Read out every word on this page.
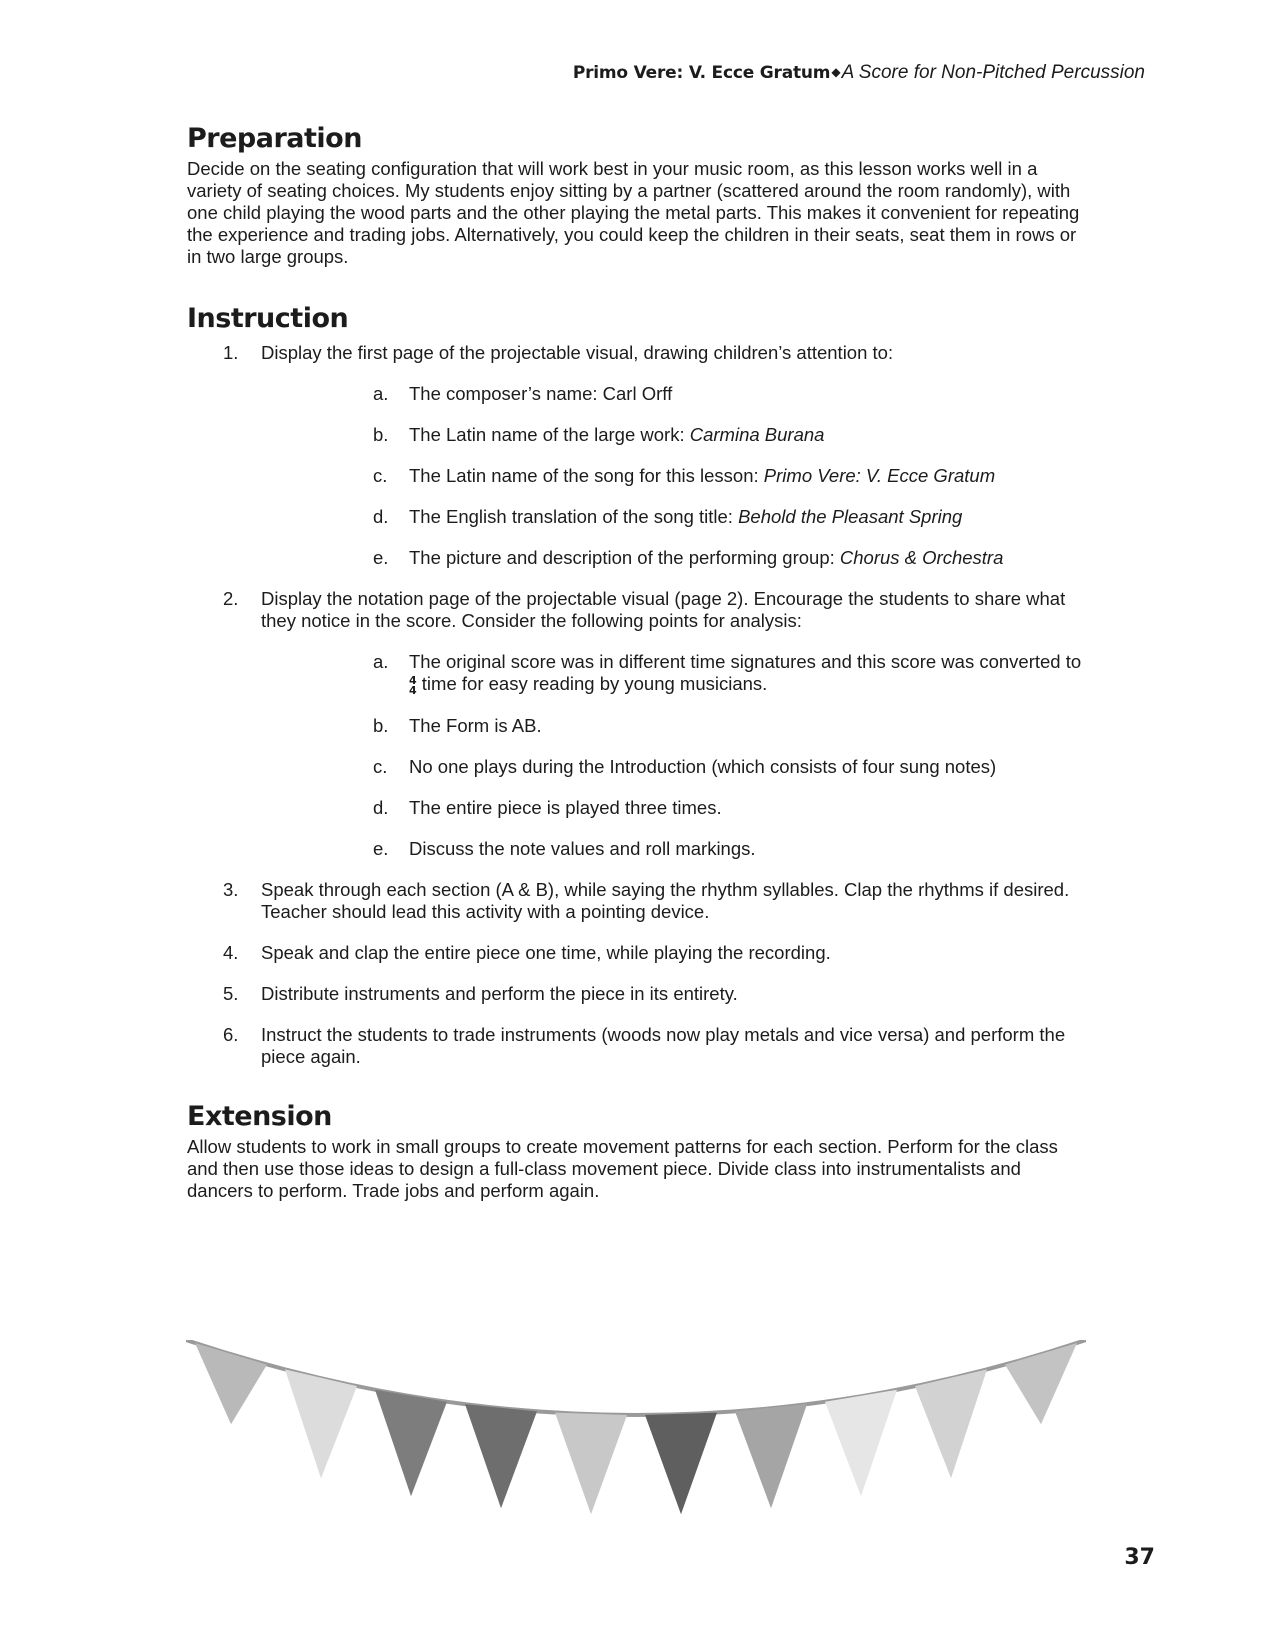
Primo Vere: V. Ecce Gratum◆A Score for Non-Pitched Percussion
Preparation

Decide on the seating configuration that will work best in your music room, as this lesson works well in a variety of seating choices. My students enjoy sitting by a partner (scattered around the room randomly), with one child playing the wood parts and the other playing the metal parts. This makes it convenient for repeating the experience and trading jobs. Alternatively, you could keep the children in their seats, seat them in rows or in two large groups.

Instruction
1. Display the first page of the projectable visual, drawing children’s attention to:
a. The composer’s name: Carl Orff
b. The Latin name of the large work: Carmina Burana
c. The Latin name of the song for this lesson: Primo Vere: V. Ecce Gratum
d. The English translation of the song title: Behold the Pleasant Spring
e. The picture and description of the performing group: Chorus & Orchestra
2. Display the notation page of the projectable visual (page 2). Encourage the students to share what they notice in the score. Consider the following points for analysis:
a. The original score was in different time signatures and this score was converted to
4
4 time for easy reading by young musicians.
b. The Form is AB.
c. No one plays during the Introduction (which consists of four sung notes)
d. The entire piece is played three times.
e. Discuss the note values and roll markings.
3. Speak through each section (A & B), while saying the rhythm syllables. Clap the rhythms if desired. Teacher should lead this activity with a pointing device.
4. Speak and clap the entire piece one time, while playing the recording.
5. Distribute instruments and perform the piece in its entirety.
6. Instruct the students to trade instruments (woods now play metals and vice versa) and perform the piece again.
Extension

Allow students to work in small groups to create movement patterns for each section. Perform for the class and then use those ideas to design a full-class movement piece. Divide class into instrumentalists and dancers to perform. Trade jobs and perform again.

37
